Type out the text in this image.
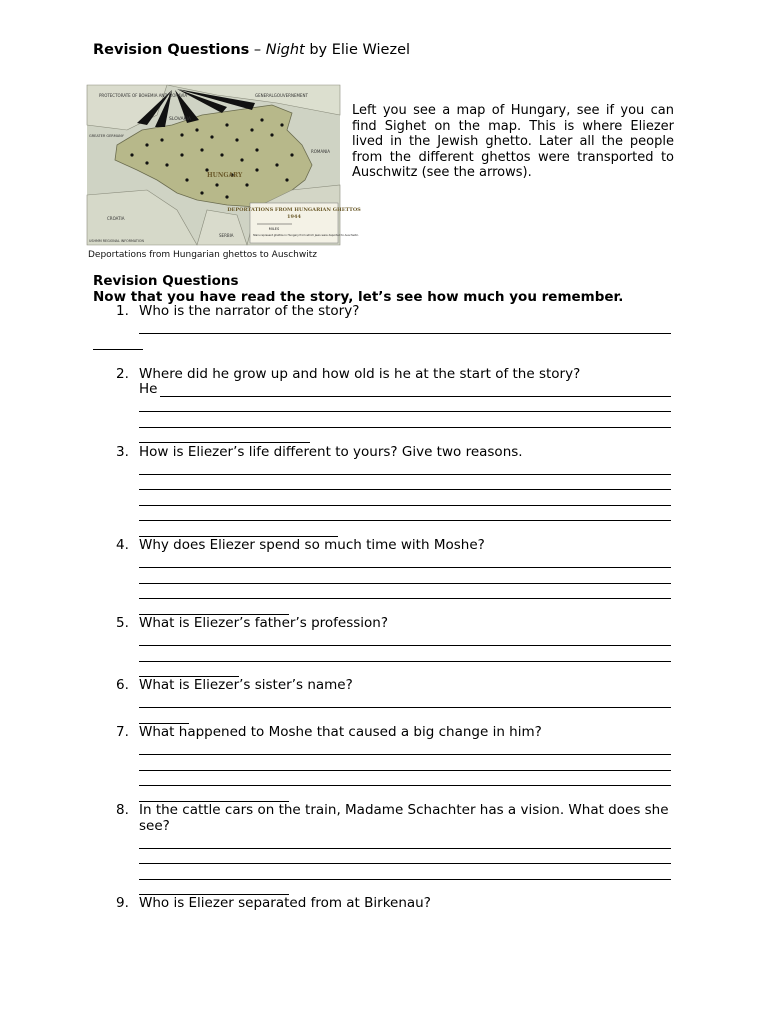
Revision Questions – Night by Elie Wiezel
DEPORTATIONS FROM HUNGARIAN GHETTOS
1944
MILES
Stars represent ghettos in Hungary from which Jews were deported to Auschwitz.
PROTECTORATE OF BOHEMIA AND MORAVIA	GENERALGOUVERNEMENT
SLOVAKIA
GREATER GERMANY
HUNGARY
ROMANIA
CROATIA
SERBIA
USHMM REGIONAL INFORMATION
Deportations from Hungarian ghettos to Auschwitz
Left you see a map of Hungary, see if you can find Sighet on the map. This is where Eliezer lived in the Jewish ghetto. Later all the people from the different ghettos were transported to Auschwitz (see the arrows).
Revision Questions
Now that you have read the story, let’s see how much you remember.
1. Who is the narrator of the story?
2. Where did he grow up and how old is he at the start of the story?
He
3. How is Eliezer’s life different to yours? Give two reasons.
4. Why does Eliezer spend so much time with Moshe?
5. What is Eliezer’s father’s profession?
6. What is Eliezer’s sister’s name?
7. What happened to Moshe that caused a big change in him?
8. In the cattle cars on the train, Madame Schachter has a vision. What does she see?
9. Who is Eliezer separated from at Birkenau?
